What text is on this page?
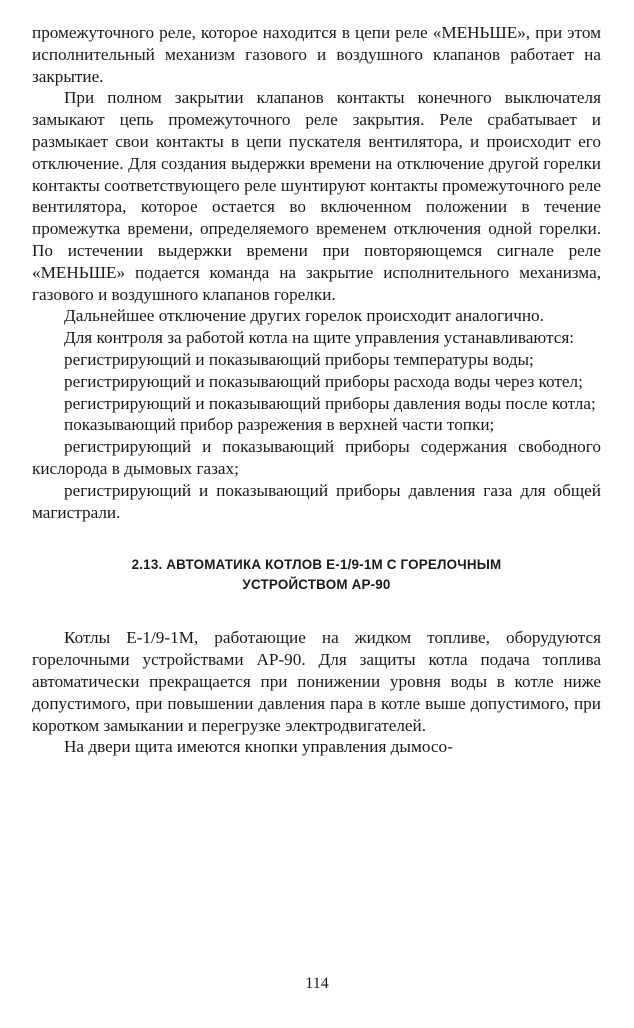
промежуточного реле, которое находится в цепи реле «МЕНЬШЕ», при этом исполнительный механизм газового и воздушного клапанов работает на закрытие.

При полном закрытии клапанов контакты конечного выключателя замыкают цепь промежуточного реле закрытия. Реле срабатывает и размыкает свои контакты в цепи пускателя вентилятора, и происходит его отключение. Для создания выдержки времени на отключение другой горелки контакты соответствующего реле шунтируют контакты промежуточного реле вентилятора, которое остается во включенном положении в течение промежутка времени, определяемого временем отключения одной горелки. По истечении выдержки времени при повторяющемся сигнале реле «МЕНЬШЕ» подается команда на закрытие исполнительного механизма, газового и воздушного клапанов горелки.

Дальнейшее отключение других горелок происходит аналогично.

Для контроля за работой котла на щите управления устанавливаются:

регистрирующий и показывающий приборы температуры воды;

регистрирующий и показывающий приборы расхода воды через котел;

регистрирующий и показывающий приборы давления воды после котла;

показывающий прибор разрежения в верхней части топки;

регистрирующий и показывающий приборы содержания свободного кислорода в дымовых газах;

регистрирующий и показывающий приборы давления газа для общей магистрали.

2.13. АВТОМАТИКА КОТЛОВ Е-1/9-1М С ГОРЕЛОЧНЫМ
УСТРОЙСТВОМ АР-90

Котлы Е-1/9-1М, работающие на жидком топливе, оборудуются горелочными устройствами АР-90. Для защиты котла подача топлива автоматически прекращается при понижении уровня воды в котле ниже допустимого, при повышении давления пара в котле выше допустимого, при коротком замыкании и перегрузке электродвигателей.

На двери щита имеются кнопки управления дымосо-

114
